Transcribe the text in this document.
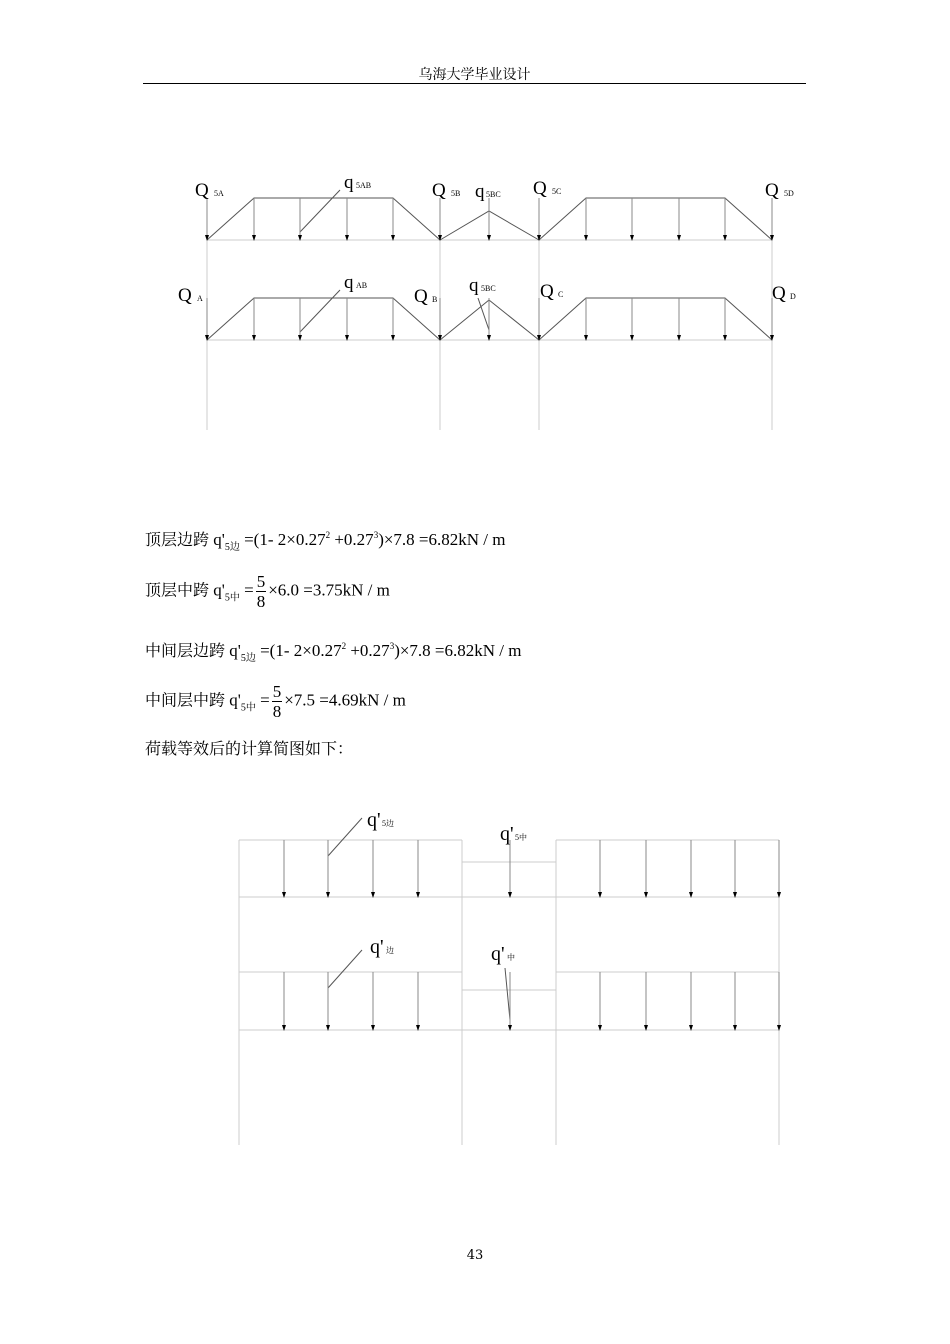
乌海大学毕业设计
Q 5A
q 5AB	Q 5B q 5BC Q 5C	Q 5D
Q A
q AB
Q B
q 5BC Q C	Q D
q' 5边	q' 5中
q' 边	q' 中
顶层边跨 $q'_{5边} =(1-$ $2\times 0.27^2 +0.27^3)\times 7.8 =6.82kN / m$
顶层中跨 $q'_{5中} = \frac{5}{8} \times 6.0 =3.75kN / m$
中间层边跨 $q'_{5边} =(1-$ $2\times 0.27^2 +0.27^3)\times 7.8 =6.82kN / m$
中间层中跨 $q'_{5中} = \frac{5}{8} \times 7.5 =4.69kN / m$
荷载等效后的计算简图如下：
43
